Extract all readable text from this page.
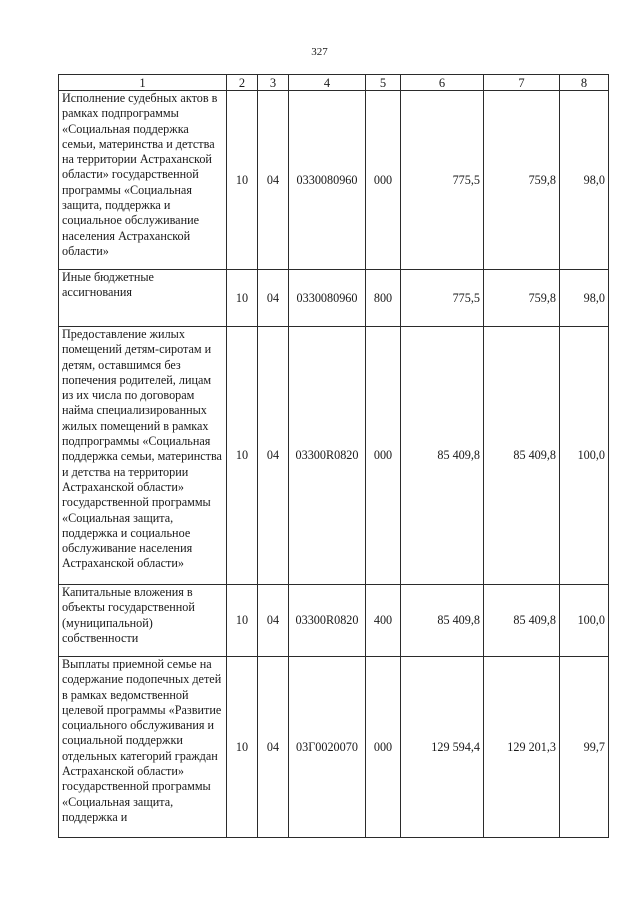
327
1	2	3	4	5	6	7	8
Исполнение судебных актов в рамках подпрограммы «Социальная поддержка семьи, материнства и детства на территории Астраханской области» государственной программы «Социальная защита, поддержка и социальное обслуживание населения Астраханской области»	10	04	0330080960	000	775,5	759,8	98,0
Иные бюджетные ассигнования	10	04	0330080960	800	775,5	759,8	98,0
Предоставление жилых помещений детям-сиротам и детям, оставшимся без попечения родителей, лицам из их числа по договорам найма специализированных жилых помещений в рамках подпрограммы «Социальная поддержка семьи, материнства и детства на территории Астраханской области» государственной программы «Социальная защита, поддержка и социальное обслуживание населения Астраханской области»	10	04	03300R0820	000	85 409,8	85 409,8	100,0
Капитальные вложения в объекты государственной (муниципальной) собственности	10	04	03300R0820	400	85 409,8	85 409,8	100,0
Выплаты приемной семье на содержание подопечных детей в рамках ведомственной целевой программы «Развитие социального обслуживания и социальной поддержки отдельных категорий граждан Астраханской области» государственной программы «Социальная защита, поддержка и	10	04	03Г0020070	000	129 594,4	129 201,3	99,7
